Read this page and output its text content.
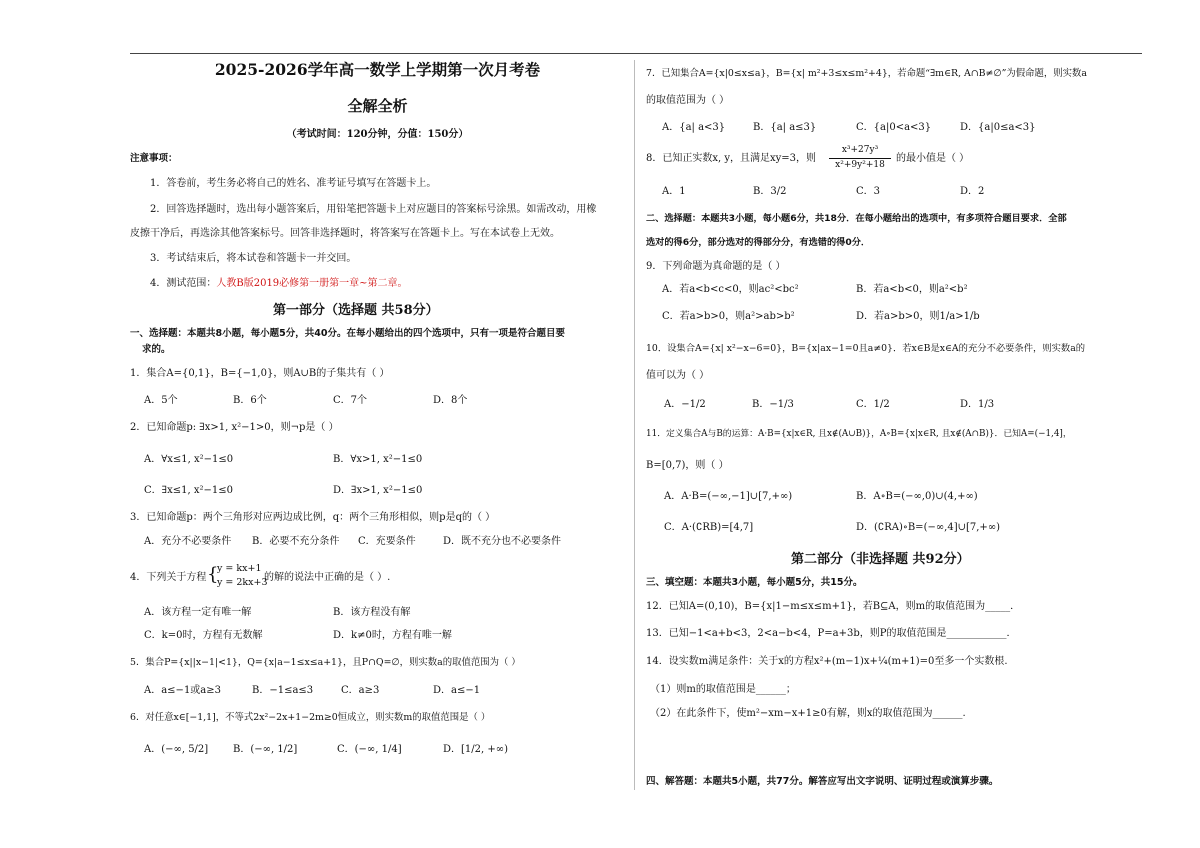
2025-2026学年高一数学上学期第一次月考卷
全解全析
（考试时间：120分钟，分值：150分）
注意事项：
1．答卷前，考生务必将自己的姓名、准考证号填写在答题卡上。
2．回答选择题时，选出每小题答案后，用铅笔把答题卡上对应题目的答案标号涂黑。如需改动，用橡
皮擦干净后，再选涂其他答案标号。回答非选择题时，将答案写在答题卡上。写在本试卷上无效。
3．考试结束后，将本试卷和答题卡一并交回。
4．测试范围：人教B版2019必修第一册第一章~第二章。
第一部分（选择题 共58分）
一、选择题：本题共8小题，每小题5分，共40分。在每小题给出的四个选项中，只有一项是符合题目要
求的。
1．集合A={0,1}，B={−1,0}，则A∪B的子集共有（ ）
A．5个	B．6个	C．7个	D．8个
2．已知命题p: ∃x>1, x²−1>0，则¬p是（ ）
A．∀x≤1, x²−1≤0	B．∀x>1, x²−1≤0
C．∃x≤1, x²−1≤0	D．∃x>1, x²−1≤0
3．已知命题p：两个三角形对应两边成比例，q：两个三角形相似，则p是q的（ ）
A．充分不必要条件 B．必要不充分条件 C．充要条件	D．既不充分也不必要条件
4．下列关于方程 {
y = kx+1
y = 2kx+3
的解的说法中正确的是（ ）.
A．该方程一定有唯一解	B．该方程没有解
C．k=0时，方程有无数解	D．k≠0时，方程有唯一解
5．集合P={x||x−1|<1}，Q={x|a−1≤x≤a+1}，且P∩Q=∅，则实数a的取值范围为（ ）
A．a≤−1或a≥3	B．−1≤a≤3	C．a≥3	D．a≤−1
6．对任意x∈[−1,1]，不等式2x²−2x+1−2m≥0恒成立，则实数m的取值范围是（ ）
A．(−∞, 5/2] B．(−∞, 1/2]	C．(−∞, 1/4]	D．[1/2, +∞)
7．已知集合A={x|0≤x≤a}，B={x| m²+3≤x≤m²+4}，若命题“∃m∈R, A∩B≠∅”为假命题，则实数a
的取值范围为（ ）
A．{a| a<3}	B．{a| a≤3}	C．{a|0<a<3}	D．{a|0≤a<3}
8．已知正实数x, y，且满足xy=3，则
x³+27y³
x²+9y²+18
的最小值是（ ）
A．1	B．3/2	C．3	D．2
二、选择题：本题共3小题，每小题6分，共18分．在每小题给出的选项中，有多项符合题目要求．全部
选对的得6分，部分选对的得部分分，有选错的得0分．
9．下列命题为真命题的是（ ）
A．若a<b<c<0，则ac²<bc²	B．若a<b<0，则a²<b²
C．若a>b>0，则a²>ab>b²	D．若a>b>0，则1/a>1/b
10．设集合A={x| x²−x−6=0}，B={x|ax−1=0且a≠0}．若x∈B是x∈A的充分不必要条件，则实数a的
值可以为（ ）
A．−1/2	B．−1/3	C．1/2	D．1/3
11．定义集合A与B的运算：A·B={x|x∈R, 且x∉(A∪B)}，A∘B={x|x∈R, 且x∉(A∩B)}．已知A=(−1,4]，
B=[0,7)，则（ ）
A．A·B=(−∞,−1]∪[7,+∞)	B．A∘B=(−∞,0)∪(4,+∞)
C．A·(∁RB)=[4,7]	D．(∁RA)∘B=(−∞,4]∪[7,+∞)
第二部分（非选择题 共92分）
三、填空题：本题共3小题，每小题5分，共15分。
12．已知A=(0,10)，B={x|1−m≤x≤m+1}，若B⊆A，则m的取值范围为_____．
13．已知−1<a+b<3，2<a−b<4，P=a+3b，则P的取值范围是____________．
14．设实数m满足条件：关于x的方程x²+(m−1)x+¼(m+1)=0至多一个实数根.
（1）则m的取值范围是______；
（2）在此条件下，使m²−xm−x+1≥0有解，则x的取值范围为______.
四、解答题：本题共5小题，共77分。解答应写出文字说明、证明过程或演算步骤。
